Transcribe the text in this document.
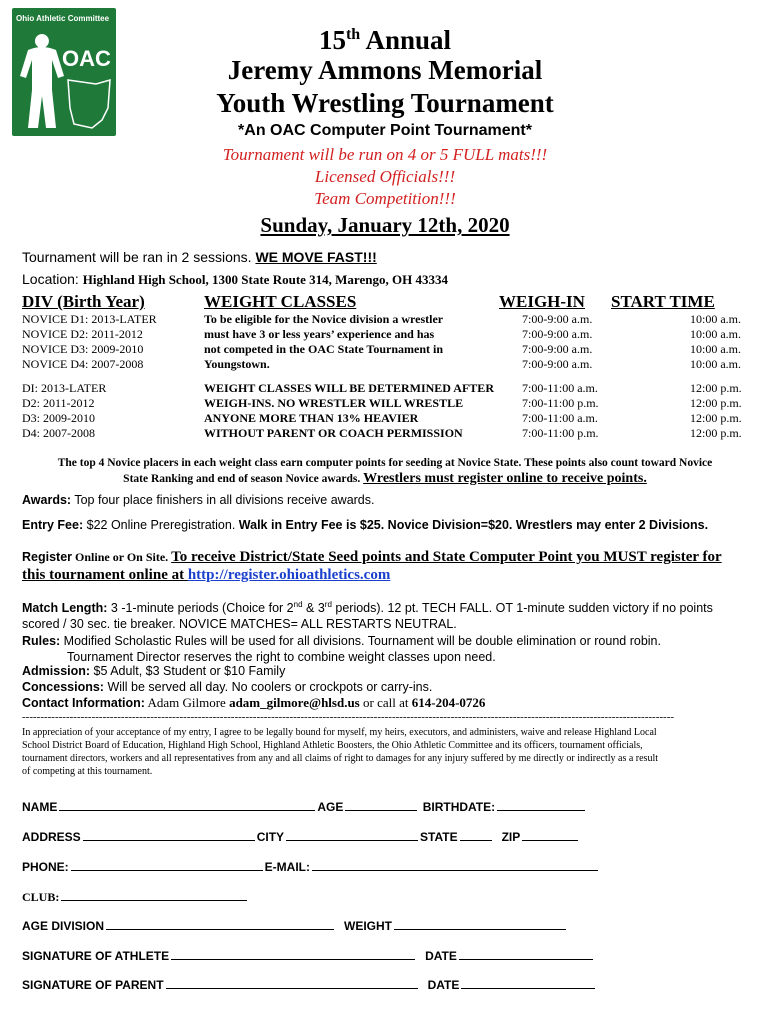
Ohio Athletic Committee
OAC
15th Annual
Jeremy Ammons Memorial
Youth Wrestling Tournament
*An OAC Computer Point Tournament*
Tournament will be run on 4 or 5 FULL mats!!!
Licensed Officials!!!
Team Competition!!!
Sunday, January 12th, 2020
Tournament will be ran in 2 sessions. WE MOVE FAST!!!
Location: Highland High School, 1300 State Route 314, Marengo, OH 43334
DIV (Birth Year)	WEIGHT CLASSES	WEIGH-IN START TIME
NOVICE D1: 2013-LATER	To be eligible for the Novice division a wrestler	7:00-9:00 a.m.	10:00 a.m.
NOVICE D2: 2011-2012	must have 3 or less years’ experience and has	7:00-9:00 a.m.	10:00 a.m.
NOVICE D3: 2009-2010	not competed in the OAC State Tournament in	7:00-9:00 a.m.	10:00 a.m.
NOVICE D4: 2007-2008	Youngstown.	7:00-9:00 a.m.	10:00 a.m.

DI: 2013-LATER	WEIGHT CLASSES WILL BE DETERMINED AFTER	7:00-11:00 a.m.	12:00 p.m.
D2: 2011-2012	WEIGH-INS. NO WRESTLER WILL WRESTLE	7:00-11:00 p.m.	12:00 p.m.
D3: 2009-2010	ANYONE MORE THAN 13% HEAVIER	7:00-11:00 a.m.	12:00 p.m.
D4: 2007-2008	WITHOUT PARENT OR COACH PERMISSION	7:00-11:00 p.m.	12:00 p.m.
The top 4 Novice placers in each weight class earn computer points for seeding at Novice State. These points also count toward Novice
State Ranking and end of season Novice awards. Wrestlers must register online to receive points.
Awards: Top four place finishers in all divisions receive awards.
Entry Fee: $22 Online Preregistration. Walk in Entry Fee is $25. Novice Division=$20. Wrestlers may enter 2 Divisions.
Register Online or On Site. To receive District/State Seed points and State Computer Point you MUST register for
this tournament online at http://register.ohioathletics.com
Match Length: 3 -1-minute periods (Choice for 2nd & 3rd periods). 12 pt. TECH FALL. OT 1-minute sudden victory if no points
scored / 30 sec. tie breaker. NOVICE MATCHES= ALL RESTARTS NEUTRAL.
Rules: Modified Scholastic Rules will be used for all divisions. Tournament will be double elimination or round robin.
Tournament Director reserves the right to combine weight classes upon need.
Admission: $5 Adult, $3 Student or $10 Family
Concessions: Will be served all day. No coolers or crockpots or carry-ins.
Contact Information: Adam Gilmore adam_gilmore@hlsd.us or call at 614-204-0726
----------------------------------------------------------------------------------------------------------------------------------------------------------------------------------
In appreciation of your acceptance of my entry, I agree to be legally bound for myself, my heirs, executors, and administers, waive and release Highland Local
School District Board of Education, Highland High School, Highland Athletic Boosters, the Ohio Athletic Committee and its officers, tournament officials,
tournament directors, workers and all representatives from any and all claims of right to damages for any injury suffered by me directly or indirectly as a result
of competing at this tournament.
NAME	AGE	BIRTHDATE:
ADDRESS	CITY	STATE	ZIP
PHONE:	E-MAIL:
CLUB:
AGE DIVISION	WEIGHT
SIGNATURE OF ATHLETE	DATE
SIGNATURE OF PARENT	DATE
